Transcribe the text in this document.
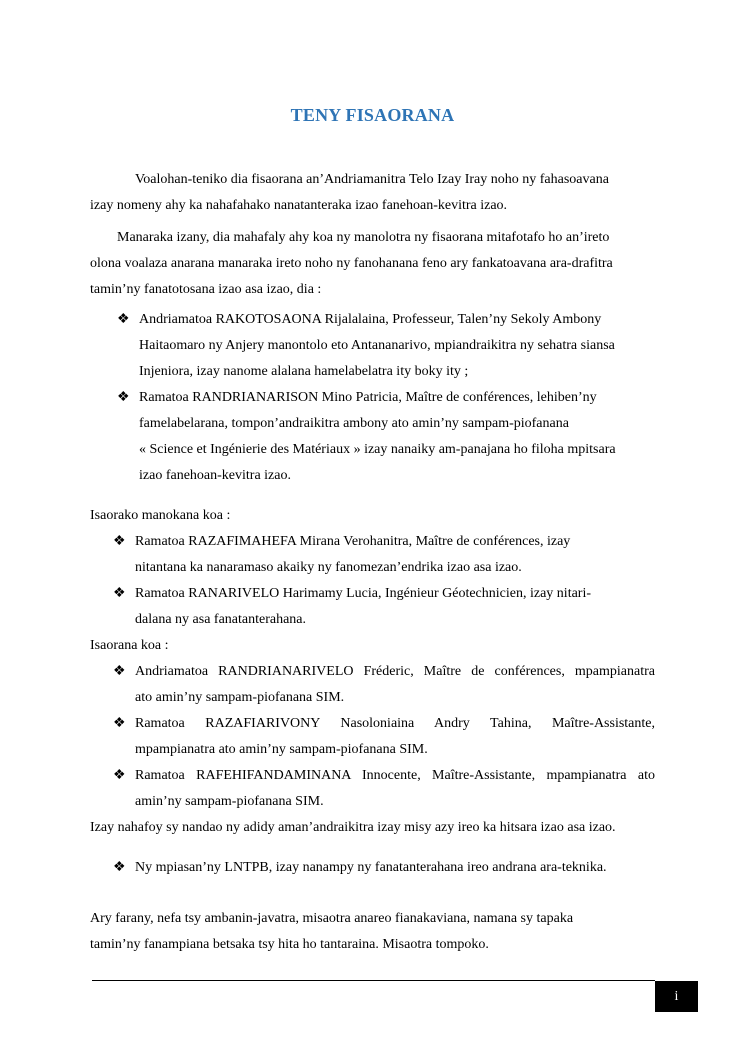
TENY FISAORANA
Voalohan-teniko dia fisaorana an’Andriamanitra Telo Izay Iray noho ny fahasoavana
izay nomeny ahy ka nahafahako nanatanteraka izao fanehoan-kevitra izao.
Manaraka izany, dia mahafaly ahy koa ny manolotra ny fisaorana mitafotafo ho an’ireto
olona voalaza anarana manaraka ireto noho ny fanohanana feno ary fankatoavana ara-drafitra
tamin’ny fanatotosana izao asa izao, dia :
❖ Andriamatoa RAKOTOSAONA Rijalalaina, Professeur, Talen’ny Sekoly Ambony
Haitaomaro ny Anjery manontolo eto Antananarivo, mpiandraikitra ny sehatra siansa
Injeniora, izay nanome alalana hamelabelatra ity boky ity ;
❖ Ramatoa RANDRIANARISON Mino Patricia, Maître de conférences, lehiben’ny
famelabelarana, tompon’andraikitra ambony ato amin’ny sampam-piofanana
« Science et Ingénierie des Matériaux » izay nanaiky am-panajana ho filoha mpitsara
izao fanehoan-kevitra izao.
Isaorako manokana koa :
❖ Ramatoa RAZAFIMAHEFA Mirana Verohanitra, Maître de conférences, izay
nitantana ka nanaramaso akaiky ny fanomezan’endrika izao asa izao.
❖ Ramatoa RANARIVELO Harimamy Lucia, Ingénieur Géotechnicien, izay nitari-
dalana ny asa fanatanterahana.
Isaorana koa :
❖ Andriamatoa RANDRIANARIVELO Fréderic, Maître de conférences, mpampianatra
ato amin’ny sampam-piofanana SIM.
❖ Ramatoa RAZAFIARIVONY Nasoloniaina Andry Tahina, Maître-Assistante,
mpampianatra ato amin’ny sampam-piofanana SIM.
❖ Ramatoa RAFEHIFANDAMINANA Innocente, Maître-Assistante, mpampianatra ato
amin’ny sampam-piofanana SIM.
Izay nahafoy sy nandao ny adidy aman’andraikitra izay misy azy ireo ka hitsara izao asa izao.
❖ Ny mpiasan’ny LNTPB, izay nanampy ny fanatanterahana ireo andrana ara-teknika.
Ary farany, nefa tsy ambanin-javatra, misaotra anareo fianakaviana, namana sy tapaka
tamin’ny fanampiana betsaka tsy hita ho tantaraina. Misaotra tompoko.
i
